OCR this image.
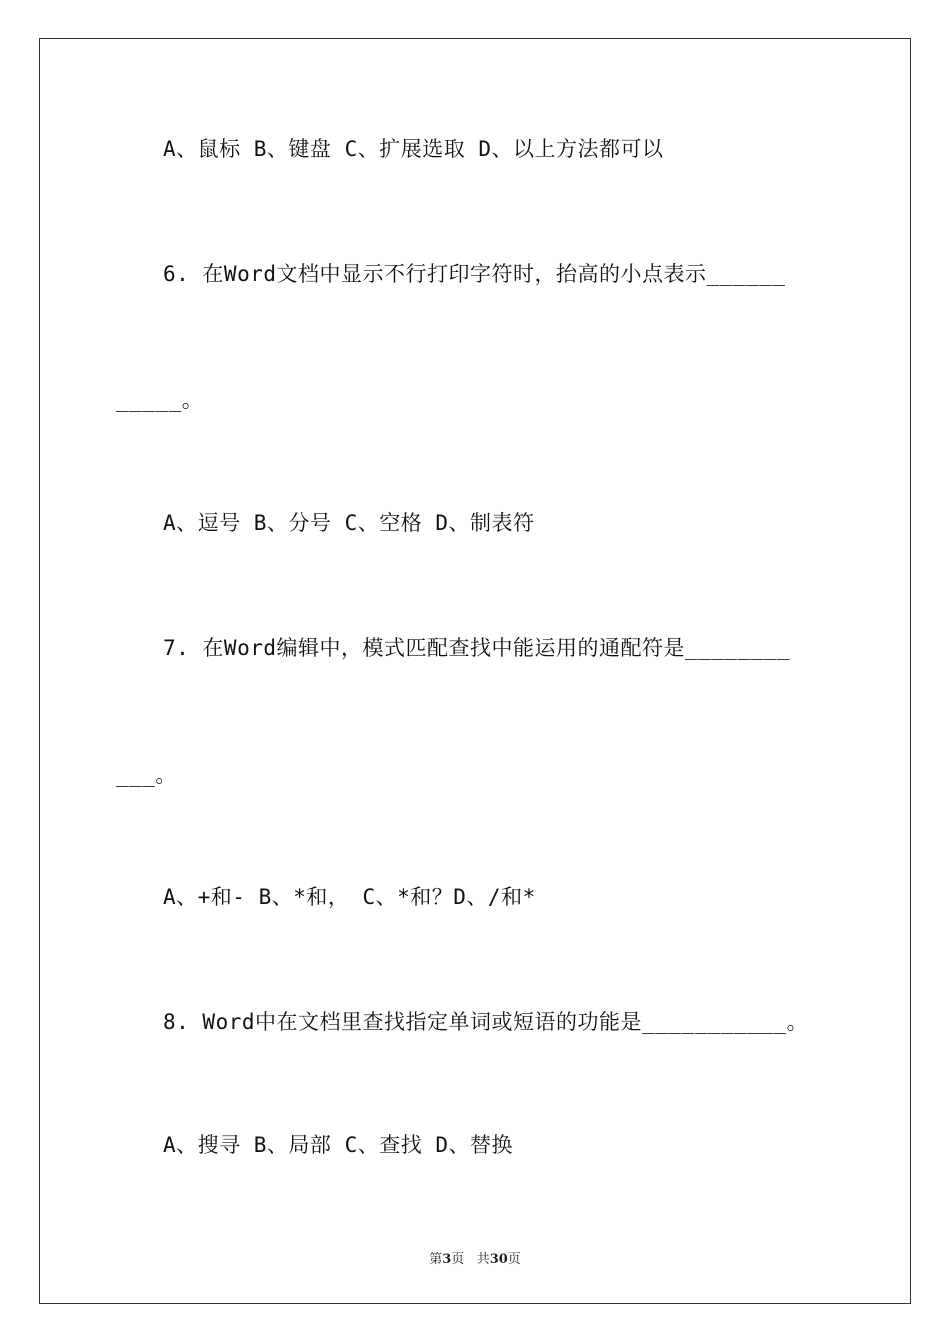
A、鼠标 B、键盘 C、扩展选取 D、以上方法都可以
6. 在Word文档中显示不行打印字符时，抬高的小点表示______
_____。
A、逗号 B、分号 C、空格 D、制表符
7. 在Word编辑中，模式匹配查找中能运用的通配符是________
___。
A、+和- B、*和， C、*和？D、/和*
8. Word中在文档里查找指定单词或短语的功能是___________。
A、搜寻 B、局部 C、查找 D、替换
第3页 共30页
